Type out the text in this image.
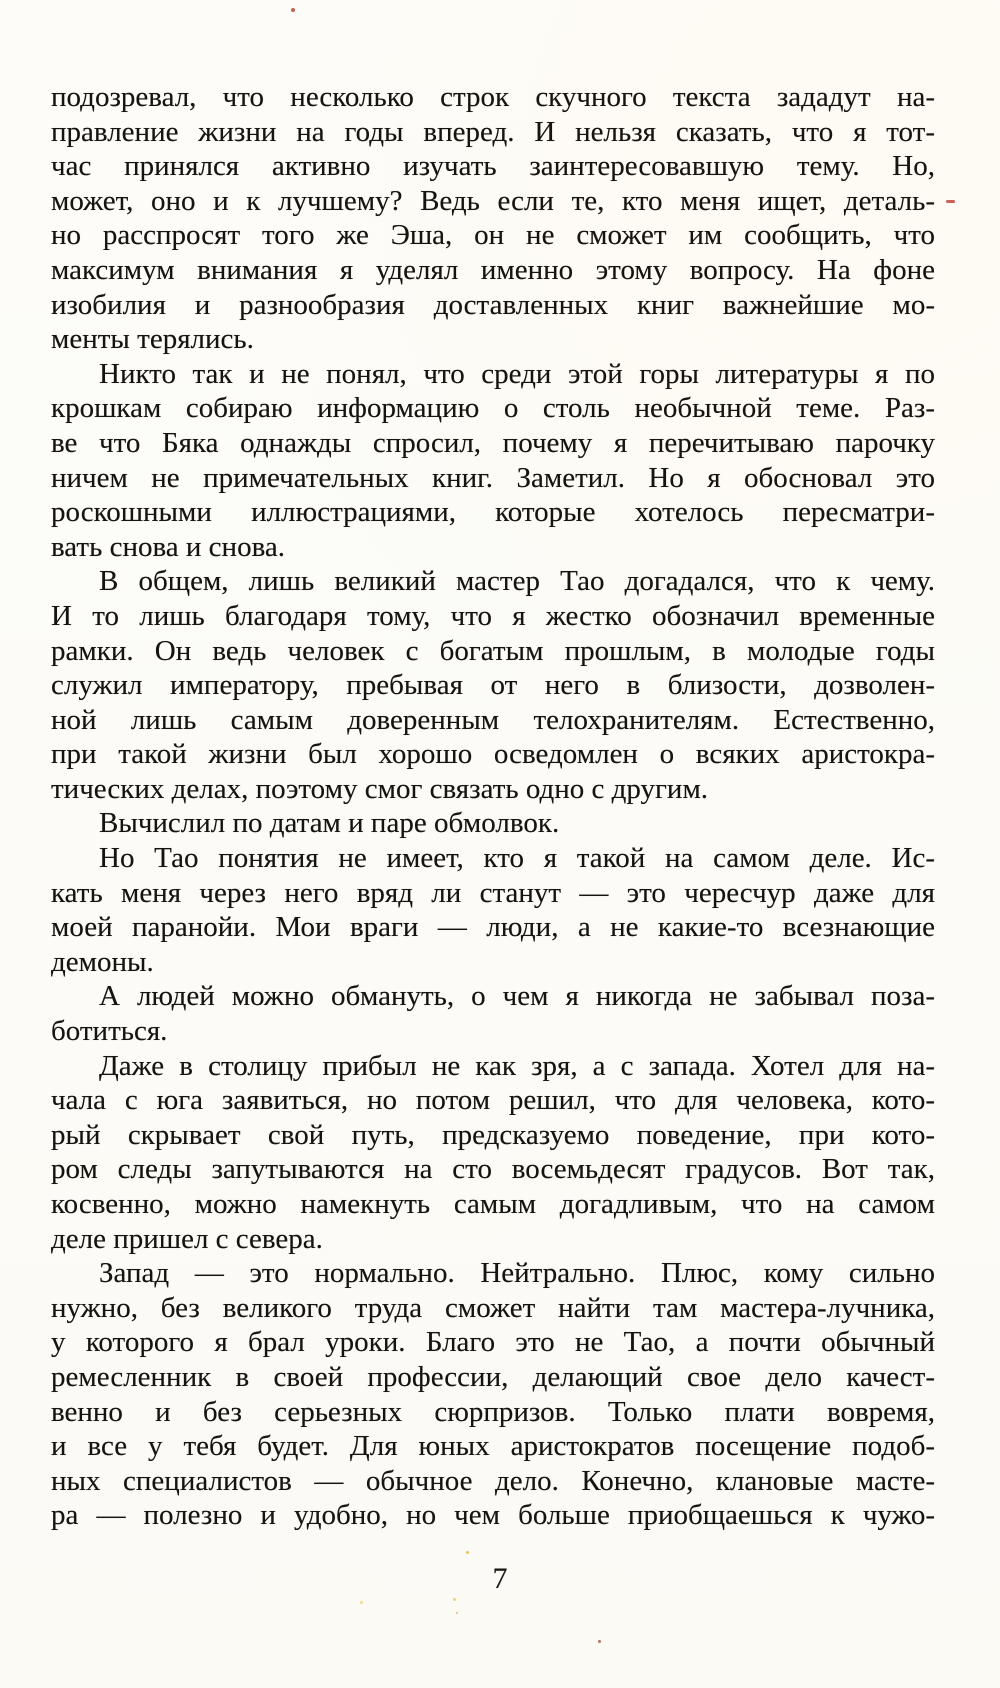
подозревал, что несколько строк скучного текста зададут на-
правление жизни на годы вперед. И нельзя сказать, что я тот-
час принялся активно изучать заинтересовавшую тему. Но,
может, оно и к лучшему? Ведь если те, кто меня ищет, деталь-
но расспросят того же Эша, он не сможет им сообщить, что
максимум внимания я уделял именно этому вопросу. На фоне
изобилия и разнообразия доставленных книг важнейшие мо-
менты терялись.
Никто так и не понял, что среди этой горы литературы я по
крошкам собираю информацию о столь необычной теме. Раз-
ве что Бяка однажды спросил, почему я перечитываю парочку
ничем не примечательных книг. Заметил. Но я обосновал это
роскошными иллюстрациями, которые хотелось пересматри-
вать снова и снова.
В общем, лишь великий мастер Тао догадался, что к чему.
И то лишь благодаря тому, что я жестко обозначил временные
рамки. Он ведь человек с богатым прошлым, в молодые годы
служил императору, пребывая от него в близости, дозволен-
ной лишь самым доверенным телохранителям. Естественно,
при такой жизни был хорошо осведомлен о всяких аристокра-
тических делах, поэтому смог связать одно с другим.
Вычислил по датам и паре обмолвок.
Но Тао понятия не имеет, кто я такой на самом деле. Ис-
кать меня через него вряд ли станут — это чересчур даже для
моей паранойи. Мои враги — люди, а не какие-то всезнающие
демоны.
А людей можно обмануть, о чем я никогда не забывал поза-
ботиться.
Даже в столицу прибыл не как зря, а с запада. Хотел для на-
чала с юга заявиться, но потом решил, что для человека, кото-
рый скрывает свой путь, предсказуемо поведение, при кото-
ром следы запутываются на сто восемьдесят градусов. Вот так,
косвенно, можно намекнуть самым догадливым, что на самом
деле пришел с севера.
Запад — это нормально. Нейтрально. Плюс, кому сильно
нужно, без великого труда сможет найти там мастера-лучника,
у которого я брал уроки. Благо это не Тао, а почти обычный
ремесленник в своей профессии, делающий свое дело качест-
венно и без серьезных сюрпризов. Только плати вовремя,
и все у тебя будет. Для юных аристократов посещение подоб-
ных специалистов — обычное дело. Конечно, клановые масте-
ра — полезно и удобно, но чем больше приобщаешься к чужо-
7
